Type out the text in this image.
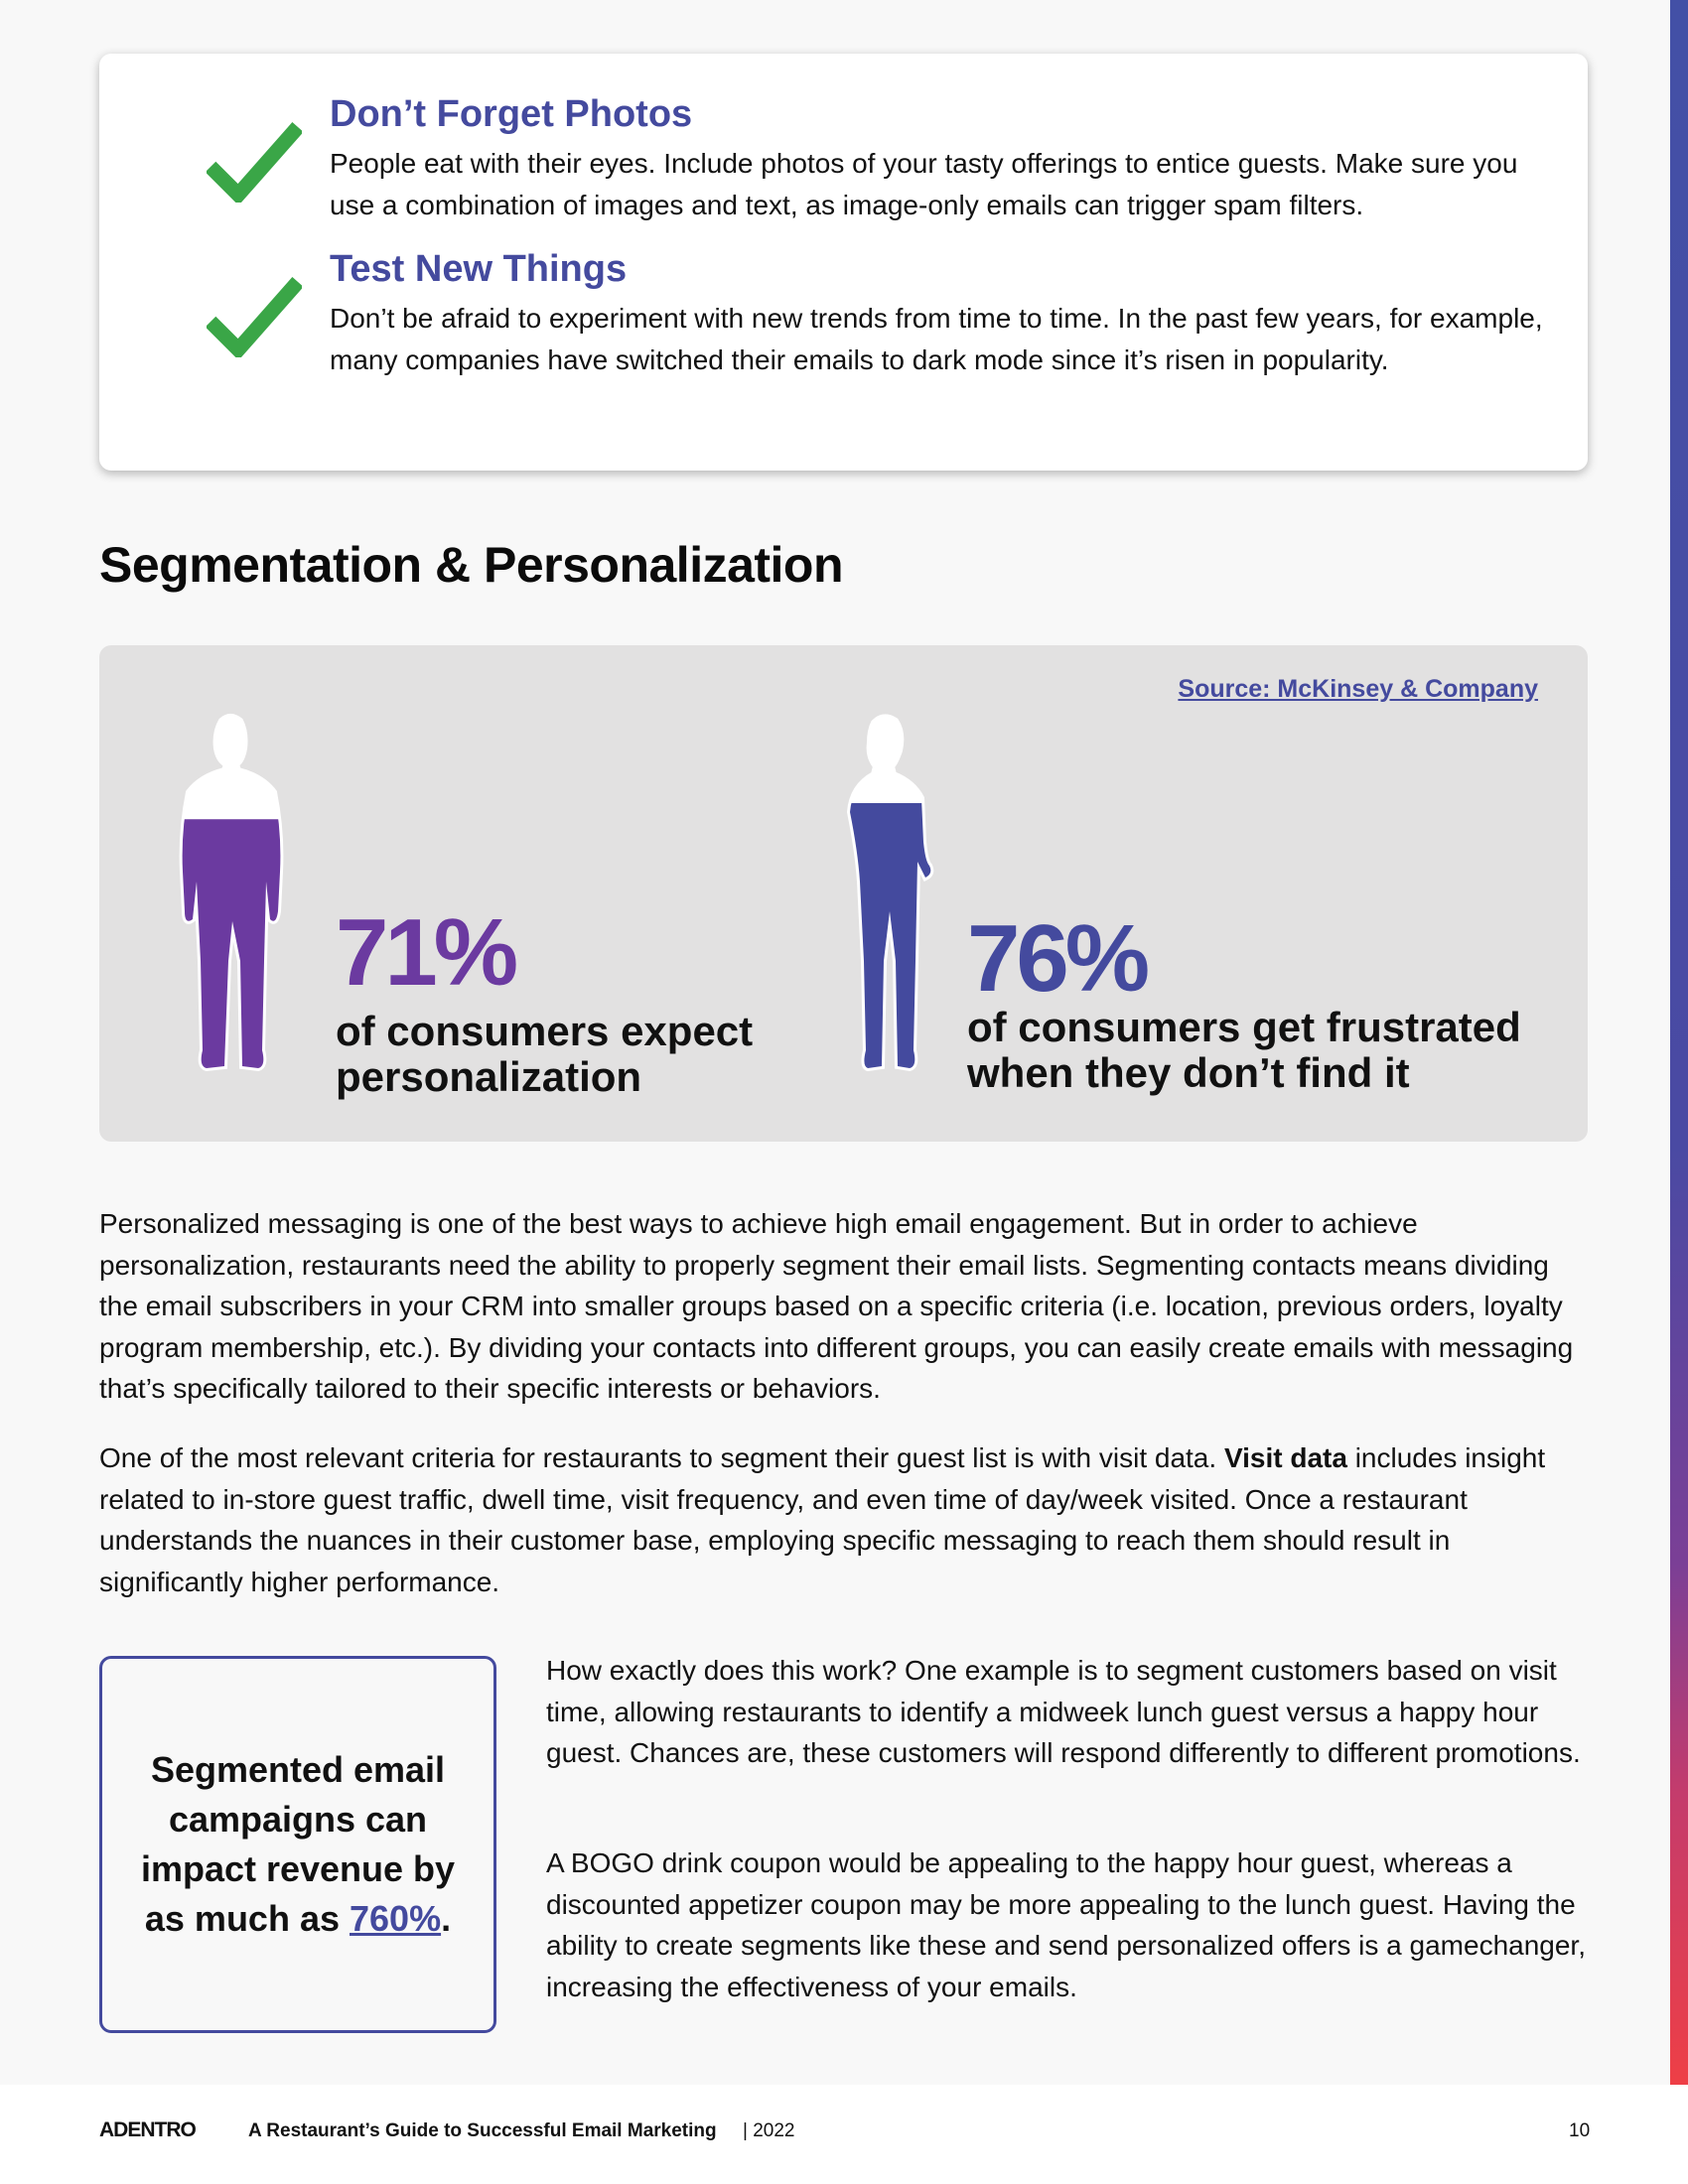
Don’t Forget Photos

People eat with their eyes. Include photos of your tasty offerings to entice guests. Make sure you use a combination of images and text, as image-only emails can trigger spam filters.

Test New Things

Don’t be afraid to experiment with new trends from time to time. In the past few years, for example, many companies have switched their emails to dark mode since it’s risen in popularity.

Segmentation & Personalization
Source: McKinsey & Company
71%
of consumers expect
personalization
76%
of consumers get frustrated
when they don’t find it

Personalized messaging is one of the best ways to achieve high email engagement. But in order to achieve personalization, restaurants need the ability to properly segment their email lists. Segmenting contacts means dividing the email subscribers in your CRM into smaller groups based on a specific criteria (i.e. location, previous orders, loyalty program membership, etc.). By dividing your contacts into different groups, you can easily create emails with messaging that’s specifically tailored to their specific interests or behaviors.

One of the most relevant criteria for restaurants to segment their guest list is with visit data. Visit data includes insight related to in-store guest traffic, dwell time, visit frequency, and even time of day/week visited. Once a restaurant understands the nuances in their customer base, employing specific messaging to reach them should result in significantly higher performance.

Segmented email campaigns can impact revenue by as much as 760%.

How exactly does this work? One example is to segment customers based on visit time, allowing restaurants to identify a midweek lunch guest versus a happy hour guest. Chances are, these customers will respond differently to different promotions.

A BOGO drink coupon would be appealing to the happy hour guest, whereas a discounted appetizer coupon may be more appealing to the lunch guest. Having the ability to create segments like these and send personalized offers is a gamechanger, increasing the effectiveness of your emails.

ADENTRO	A Restaurant’s Guide to Successful Email Marketing | 2022	10
